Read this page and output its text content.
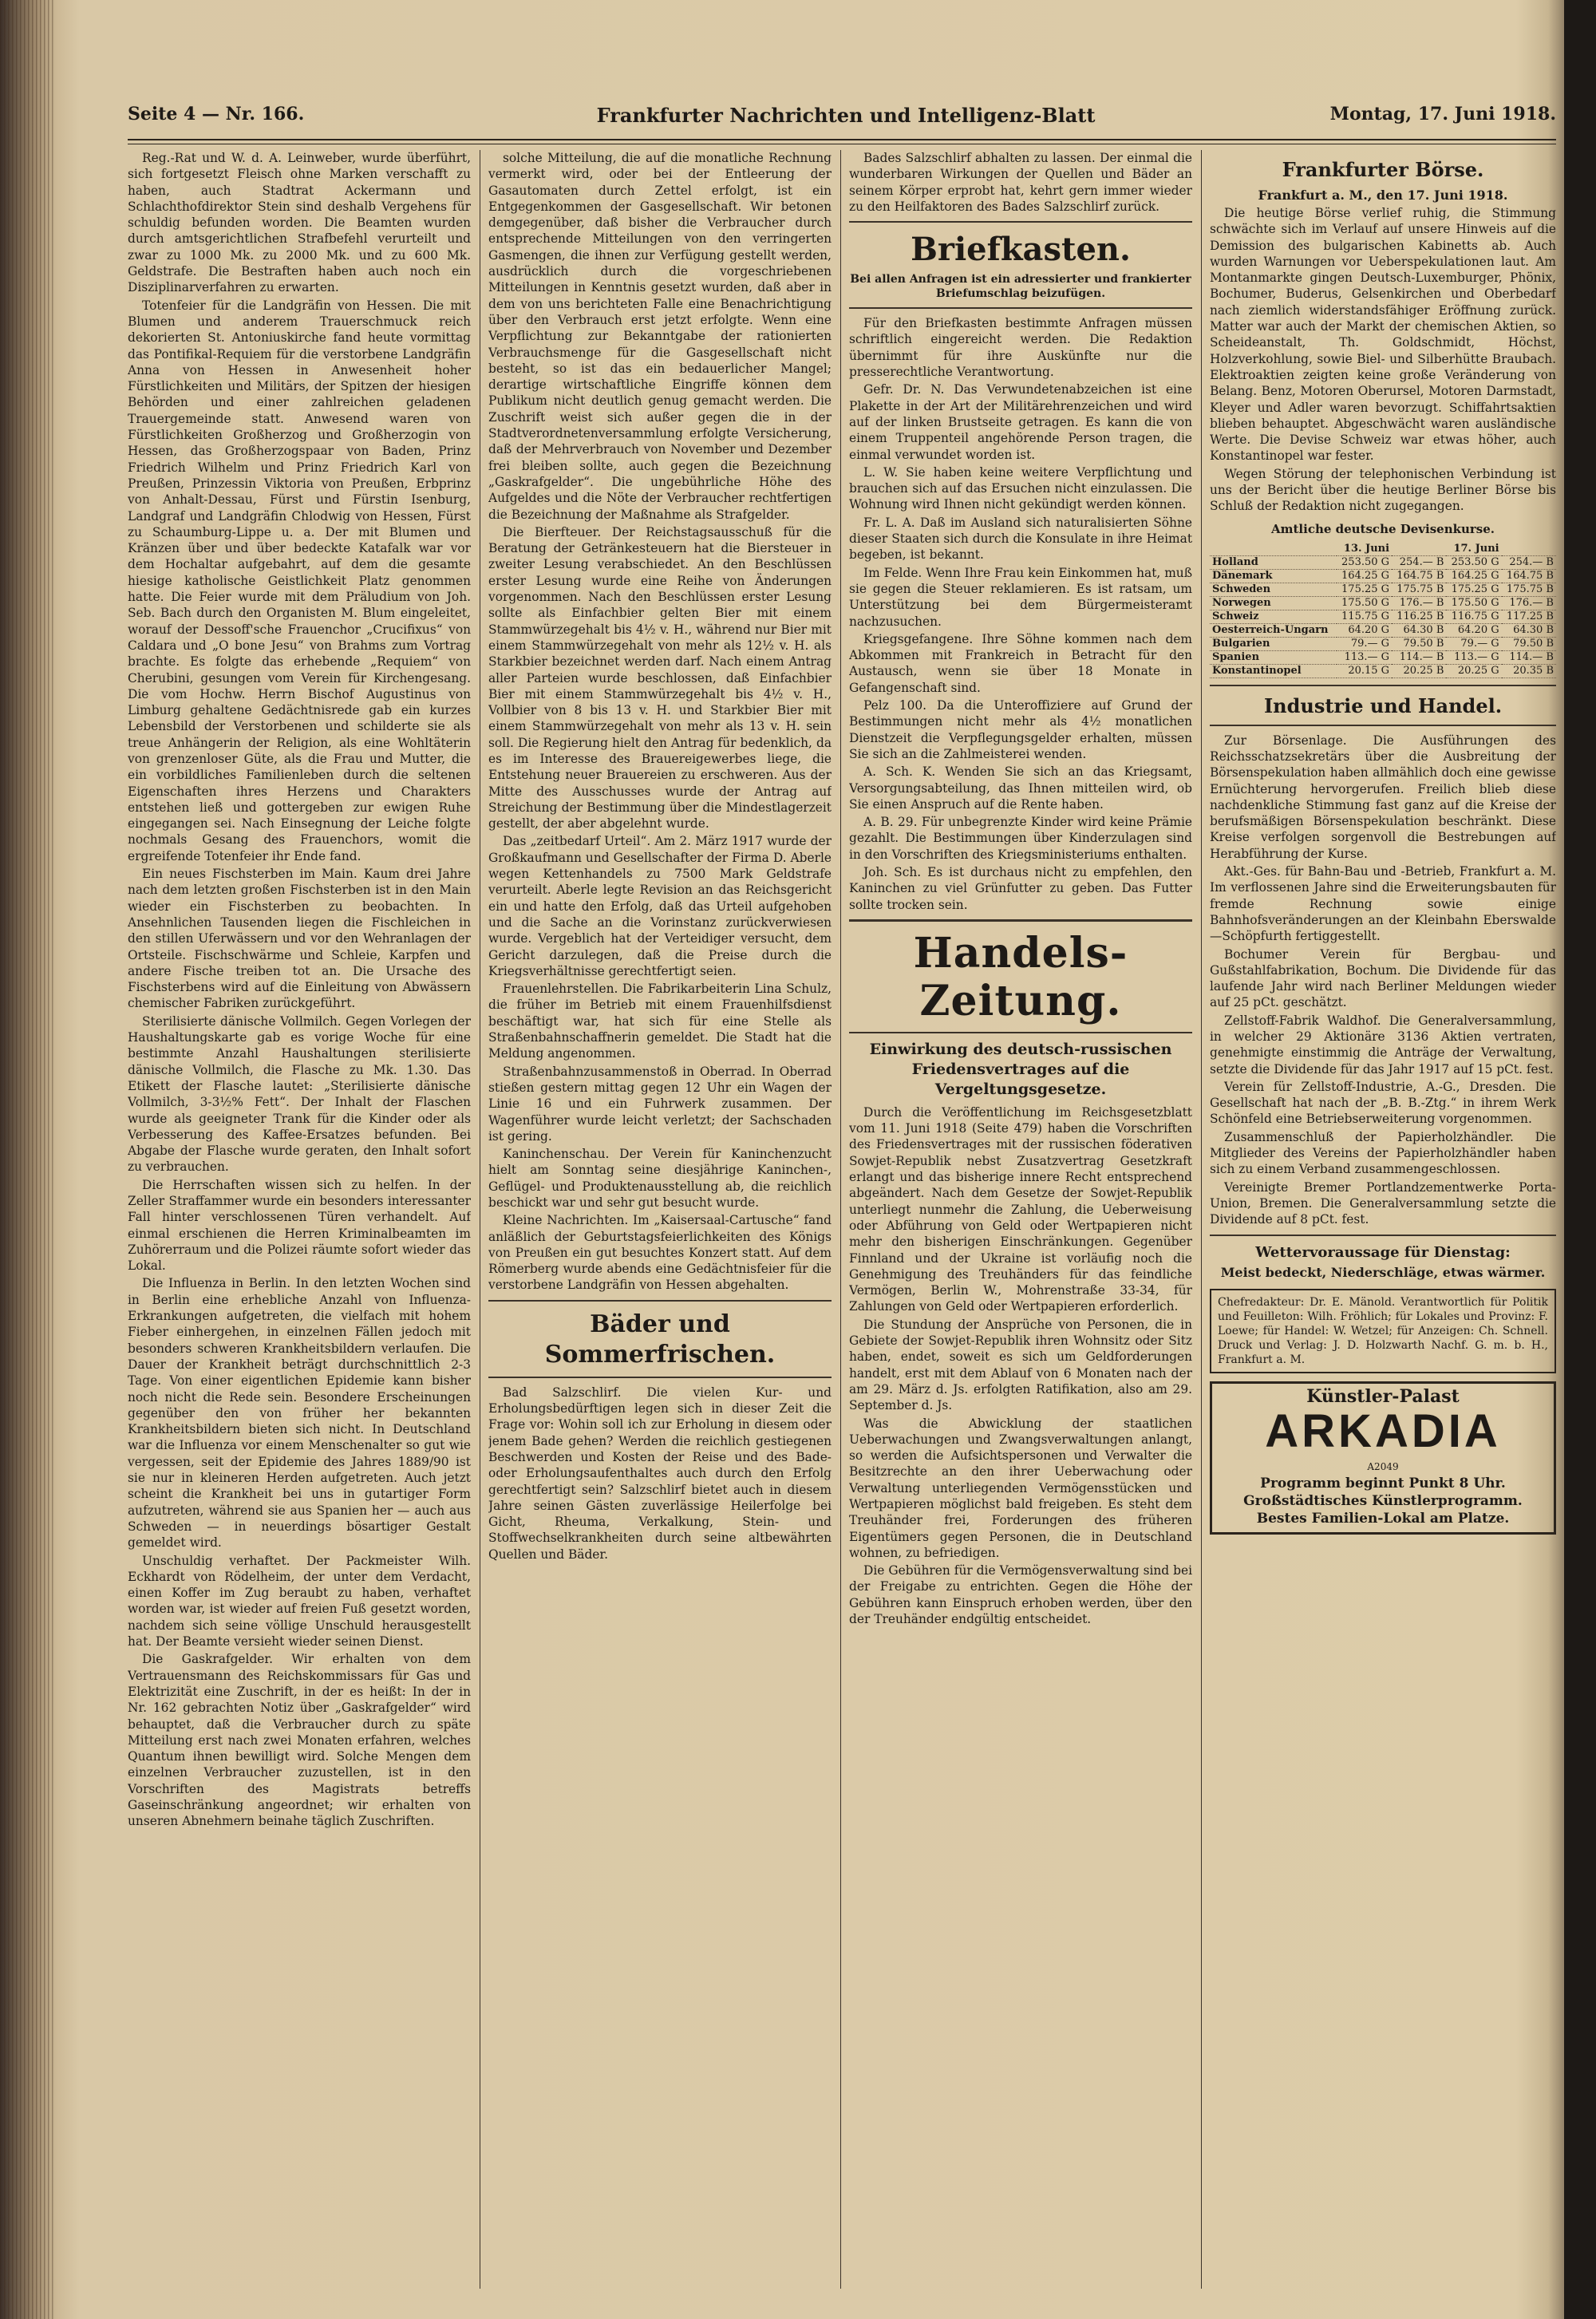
Seite 4 — Nr. 166.	Frankfurter Nachrichten und Intelligenz-Blatt	Montag, 17. Juni 1918.

Reg.-Rat und W. d. A. Leinweber, wurde überführt, sich fortgesetzt Fleisch ohne Marken verschafft zu haben, auch Stadtrat Ackermann und Schlachthofdirektor Stein sind deshalb Vergehens für schuldig befunden worden. Die Beamten wurden durch amtsgerichtlichen Strafbefehl verurteilt und zwar zu 1000 Mk. zu 2000 Mk. und zu 600 Mk. Geldstrafe. Die Bestraften haben auch noch ein Disziplinarverfahren zu erwarten.

Totenfeier für die Landgräfin von Hessen. Die mit Blumen und anderem Trauerschmuck reich dekorierten St. Antoniuskirche fand heute vormittag das Pontifikal-Requiem für die verstorbene Landgräfin Anna von Hessen in Anwesenheit hoher Fürstlichkeiten und Militärs, der Spitzen der hiesigen Behörden und einer zahlreichen geladenen Trauergemeinde statt. Anwesend waren von Fürstlichkeiten Großherzog und Großherzogin von Hessen, das Großherzogspaar von Baden, Prinz Friedrich Wilhelm und Prinz Friedrich Karl von Preußen, Prinzessin Viktoria von Preußen, Erbprinz von Anhalt-Dessau, Fürst und Fürstin Isenburg, Landgraf und Landgräfin Chlodwig von Hessen, Fürst zu Schaumburg-Lippe u. a. Der mit Blumen und Kränzen über und über bedeckte Katafalk war vor dem Hochaltar aufgebahrt, auf dem die gesamte hiesige katholische Geistlichkeit Platz genommen hatte. Die Feier wurde mit dem Präludium von Joh. Seb. Bach durch den Organisten M. Blum eingeleitet, worauf der Dessoff'sche Frauenchor „Crucifixus“ von Caldara und „O bone Jesu“ von Brahms zum Vortrag brachte. Es folgte das erhebende „Requiem“ von Cherubini, gesungen vom Verein für Kirchengesang. Die vom Hochw. Herrn Bischof Augustinus von Limburg gehaltene Gedächtnisrede gab ein kurzes Lebensbild der Verstorbenen und schilderte sie als treue Anhängerin der Religion, als eine Wohltäterin von grenzenloser Güte, als die Frau und Mutter, die ein vorbildliches Familienleben durch die seltenen Eigenschaften ihres Herzens und Charakters entstehen ließ und gottergeben zur ewigen Ruhe eingegangen sei. Nach Einsegnung der Leiche folgte nochmals Gesang des Frauenchors, womit die ergreifende Totenfeier ihr Ende fand.

Ein neues Fischsterben im Main. Kaum drei Jahre nach dem letzten großen Fischsterben ist in den Main wieder ein Fischsterben zu beobachten. In Ansehnlichen Tausenden liegen die Fischleichen in den stillen Uferwässern und vor den Wehranlagen der Ortsteile. Fischschwärme und Schleie, Karpfen und andere Fische treiben tot an. Die Ursache des Fischsterbens wird auf die Einleitung von Abwässern chemischer Fabriken zurückgeführt.

Sterilisierte dänische Vollmilch. Gegen Vorlegen der Haushaltungskarte gab es vorige Woche für eine bestimmte Anzahl Haushaltungen sterilisierte dänische Vollmilch, die Flasche zu Mk. 1.30. Das Etikett der Flasche lautet: „Sterilisierte dänische Vollmilch, 3-3½% Fett“. Der Inhalt der Flaschen wurde als geeigneter Trank für die Kinder oder als Verbesserung des Kaffee-Ersatzes befunden. Bei Abgabe der Flasche wurde geraten, den Inhalt sofort zu verbrauchen.

Die Herrschaften wissen sich zu helfen. In der Zeller Straffammer wurde ein besonders interessanter Fall hinter verschlossenen Türen verhandelt. Auf einmal erschienen die Herren Kriminalbeamten im Zuhörerraum und die Polizei räumte sofort wieder das Lokal.

Die Influenza in Berlin. In den letzten Wochen sind in Berlin eine erhebliche Anzahl von Influenza-Erkrankungen aufgetreten, die vielfach mit hohem Fieber einhergehen, in einzelnen Fällen jedoch mit besonders schweren Krankheitsbildern verlaufen. Die Dauer der Krankheit beträgt durchschnittlich 2-3 Tage. Von einer eigentlichen Epidemie kann bisher noch nicht die Rede sein. Besondere Erscheinungen gegenüber den von früher her bekannten Krankheitsbildern bieten sich nicht. In Deutschland war die Influenza vor einem Menschenalter so gut wie vergessen, seit der Epidemie des Jahres 1889/90 ist sie nur in kleineren Herden aufgetreten. Auch jetzt scheint die Krankheit bei uns in gutartiger Form aufzutreten, während sie aus Spanien her — auch aus Schweden — in neuerdings bösartiger Gestalt gemeldet wird.

Unschuldig verhaftet. Der Packmeister Wilh. Eckhardt von Rödelheim, der unter dem Verdacht, einen Koffer im Zug beraubt zu haben, verhaftet worden war, ist wieder auf freien Fuß gesetzt worden, nachdem sich seine völlige Unschuld herausgestellt hat. Der Beamte versieht wieder seinen Dienst.

Die Gaskrafgelder. Wir erhalten von dem Vertrauensmann des Reichskommissars für Gas und Elektrizität eine Zuschrift, in der es heißt: In der in Nr. 162 gebrachten Notiz über „Gaskrafgelder“ wird behauptet, daß die Verbraucher durch zu späte Mitteilung erst nach zwei Monaten erfahren, welches Quantum ihnen bewilligt wird. Solche Mengen dem einzelnen Verbraucher zuzustellen, ist in den Vorschriften des Magistrats betreffs Gaseinschränkung angeordnet; wir erhalten von unseren Abnehmern beinahe täglich Zuschriften.

solche Mitteilung, die auf die monatliche Rechnung vermerkt wird, oder bei der Entleerung der Gasautomaten durch Zettel erfolgt, ist ein Entgegenkommen der Gasgesellschaft. Wir betonen demgegenüber, daß bisher die Verbraucher durch entsprechende Mitteilungen von den verringerten Gasmengen, die ihnen zur Verfügung gestellt werden, ausdrücklich durch die vorgeschriebenen Mitteilungen in Kenntnis gesetzt wurden, daß aber in dem von uns berichteten Falle eine Benachrichtigung über den Verbrauch erst jetzt erfolgte. Wenn eine Verpflichtung zur Bekanntgabe der rationierten Verbrauchsmenge für die Gasgesellschaft nicht besteht, so ist das ein bedauerlicher Mangel; derartige wirtschaftliche Eingriffe können dem Publikum nicht deutlich genug gemacht werden. Die Zuschrift weist sich außer gegen die in der Stadtverordnetenversammlung erfolgte Versicherung, daß der Mehrverbrauch von November und Dezember frei bleiben sollte, auch gegen die Bezeichnung „Gaskrafgelder“. Die ungebührliche Höhe des Aufgeldes und die Nöte der Verbraucher rechtfertigen die Bezeichnung der Maßnahme als Strafgelder.

Die Bierfteuer. Der Reichstagsausschuß für die Beratung der Getränkesteuern hat die Biersteuer in zweiter Lesung verabschiedet. An den Beschlüssen erster Lesung wurde eine Reihe von Änderungen vorgenommen. Nach den Beschlüssen erster Lesung sollte als Einfachbier gelten Bier mit einem Stammwürzegehalt bis 4½ v. H., während nur Bier mit einem Stammwürzegehalt von mehr als 12½ v. H. als Starkbier bezeichnet werden darf. Nach einem Antrag aller Parteien wurde beschlossen, daß Einfachbier Bier mit einem Stammwürzegehalt bis 4½ v. H., Vollbier von 8 bis 13 v. H. und Starkbier Bier mit einem Stammwürzegehalt von mehr als 13 v. H. sein soll. Die Regierung hielt den Antrag für bedenklich, da es im Interesse des Brauereigewerbes liege, die Entstehung neuer Brauereien zu erschweren. Aus der Mitte des Ausschusses wurde der Antrag auf Streichung der Bestimmung über die Mindestlagerzeit gestellt, der aber abgelehnt wurde.

Das „zeitbedarf Urteil“. Am 2. März 1917 wurde der Großkaufmann und Gesellschafter der Firma D. Aberle wegen Kettenhandels zu 7500 Mark Geldstrafe verurteilt. Aberle legte Revision an das Reichsgericht ein und hatte den Erfolg, daß das Urteil aufgehoben und die Sache an die Vorinstanz zurückverwiesen wurde. Vergeblich hat der Verteidiger versucht, dem Gericht darzulegen, daß die Preise durch die Kriegsverhältnisse gerechtfertigt seien.

Frauenlehrstellen. Die Fabrikarbeiterin Lina Schulz, die früher im Betrieb mit einem Frauenhilfsdienst beschäftigt war, hat sich für eine Stelle als Straßenbahnschaffnerin gemeldet. Die Stadt hat die Meldung angenommen.

Straßenbahnzusammenstoß in Oberrad. In Oberrad stießen gestern mittag gegen 12 Uhr ein Wagen der Linie 16 und ein Fuhrwerk zusammen. Der Wagenführer wurde leicht verletzt; der Sachschaden ist gering.

Kaninchenschau. Der Verein für Kaninchenzucht hielt am Sonntag seine diesjährige Kaninchen-, Geflügel- und Produktenausstellung ab, die reichlich beschickt war und sehr gut besucht wurde.

Kleine Nachrichten. Im „Kaisersaal-Cartusche“ fand anläßlich der Geburtstagsfeierlichkeiten des Königs von Preußen ein gut besuchtes Konzert statt. Auf dem Römerberg wurde abends eine Gedächtnisfeier für die verstorbene Landgräfin von Hessen abgehalten.

Bäder und Sommerfrischen.

Bad Salzschlirf. Die vielen Kur- und Erholungsbedürftigen legen sich in dieser Zeit die Frage vor: Wohin soll ich zur Erholung in diesem oder jenem Bade gehen? Werden die reichlich gestiegenen Beschwerden und Kosten der Reise und des Bade- oder Erholungsaufenthaltes auch durch den Erfolg gerechtfertigt sein? Salzschlirf bietet auch in diesem Jahre seinen Gästen zuverlässige Heilerfolge bei Gicht, Rheuma, Verkalkung, Stein- und Stoffwechselkrankheiten durch seine altbewährten Quellen und Bäder.

Bades Salzschlirf abhalten zu lassen. Der einmal die wunderbaren Wirkungen der Quellen und Bäder an seinem Körper erprobt hat, kehrt gern immer wieder zu den Heilfaktoren des Bades Salzschlirf zurück.

Briefkasten.
Bei allen Anfragen ist ein adressierter und frankierter Briefumschlag beizufügen.

Für den Briefkasten bestimmte Anfragen müssen schriftlich eingereicht werden. Die Redaktion übernimmt für ihre Auskünfte nur die presserechtliche Verantwortung.

Gefr. Dr. N. Das Verwundetenabzeichen ist eine Plakette in der Art der Militärehrenzeichen und wird auf der linken Brustseite getragen. Es kann die von einem Truppenteil angehörende Person tragen, die einmal verwundet worden ist.

L. W. Sie haben keine weitere Verpflichtung und brauchen sich auf das Ersuchen nicht einzulassen. Die Wohnung wird Ihnen nicht gekündigt werden können.

Fr. L. A. Daß im Ausland sich naturalisierten Söhne dieser Staaten sich durch die Konsulate in ihre Heimat begeben, ist bekannt.

Im Felde. Wenn Ihre Frau kein Einkommen hat, muß sie gegen die Steuer reklamieren. Es ist ratsam, um Unterstützung bei dem Bürgermeisteramt nachzusuchen.

Kriegsgefangene. Ihre Söhne kommen nach dem Abkommen mit Frankreich in Betracht für den Austausch, wenn sie über 18 Monate in Gefangenschaft sind.

Pelz 100. Da die Unteroffiziere auf Grund der Bestimmungen nicht mehr als 4½ monatlichen Dienstzeit die Verpflegungsgelder erhalten, müssen Sie sich an die Zahlmeisterei wenden.

A. Sch. K. Wenden Sie sich an das Kriegsamt, Versorgungsabteilung, das Ihnen mitteilen wird, ob Sie einen Anspruch auf die Rente haben.

A. B. 29. Für unbegrenzte Kinder wird keine Prämie gezahlt. Die Bestimmungen über Kinderzulagen sind in den Vorschriften des Kriegsministeriums enthalten.

Joh. Sch. Es ist durchaus nicht zu empfehlen, den Kaninchen zu viel Grünfutter zu geben. Das Futter sollte trocken sein.

Handels-Zeitung.
Einwirkung des deutsch-russischen Friedensvertrages auf die Vergeltungsgesetze.

Durch die Veröffentlichung im Reichsgesetzblatt vom 11. Juni 1918 (Seite 479) haben die Vorschriften des Friedensvertrages mit der russischen föderativen Sowjet-Republik nebst Zusatzvertrag Gesetzkraft erlangt und das bisherige innere Recht entsprechend abgeändert. Nach dem Gesetze der Sowjet-Republik unterliegt nunmehr die Zahlung, die Ueberweisung oder Abführung von Geld oder Wertpapieren nicht mehr den bisherigen Einschränkungen. Gegenüber Finnland und der Ukraine ist vorläufig noch die Genehmigung des Treuhänders für das feindliche Vermögen, Berlin W., Mohrenstraße 33-34, für Zahlungen von Geld oder Wertpapieren erforderlich.

Die Stundung der Ansprüche von Personen, die in Gebiete der Sowjet-Republik ihren Wohnsitz oder Sitz haben, endet, soweit es sich um Geldforderungen handelt, erst mit dem Ablauf von 6 Monaten nach der am 29. März d. Js. erfolgten Ratifikation, also am 29. September d. Js.

Was die Abwicklung der staatlichen Ueberwachungen und Zwangsverwaltungen anlangt, so werden die Aufsichtspersonen und Verwalter die Besitzrechte an den ihrer Ueberwachung oder Verwaltung unterliegenden Vermögensstücken und Wertpapieren möglichst bald freigeben. Es steht dem Treuhänder frei, Forderungen des früheren Eigentümers gegen Personen, die in Deutschland wohnen, zu befriedigen.

Die Gebühren für die Vermögensverwaltung sind bei der Freigabe zu entrichten. Gegen die Höhe der Gebühren kann Einspruch erhoben werden, über den der Treuhänder endgültig entscheidet.

Frankfurter Börse.
Frankfurt a. M., den 17. Juni 1918.

Die heutige Börse verlief ruhig, die Stimmung schwächte sich im Verlauf auf unsere Hinweis auf die Demission des bulgarischen Kabinetts ab. Auch wurden Warnungen vor Ueberspekulationen laut. Am Montanmarkte gingen Deutsch-Luxemburger, Phönix, Bochumer, Buderus, Gelsenkirchen und Oberbedarf nach ziemlich widerstandsfähiger Eröffnung zurück. Matter war auch der Markt der chemischen Aktien, so Scheideanstalt, Th. Goldschmidt, Höchst, Holzverkohlung, sowie Biel- und Silberhütte Braubach. Elektroaktien zeigten keine große Veränderung von Belang. Benz, Motoren Oberursel, Motoren Darmstadt, Kleyer und Adler waren bevorzugt. Schiffahrtsaktien blieben behauptet. Abgeschwächt waren ausländische Werte. Die Devise Schweiz war etwas höher, auch Konstantinopel war fester.

Wegen Störung der telephonischen Verbindung ist uns der Bericht über die heutige Berliner Börse bis Schluß der Redaktion nicht zugegangen.

Amtliche deutsche Devisenkurse.
	13. Juni		17. Juni	
Holland	253.50 G	254.— B	253.50 G	254.— B
Dänemark	164.25 G	164.75 B	164.25 G	164.75 B
Schweden	175.25 G	175.75 B	175.25 G	175.75 B
Norwegen	175.50 G	176.— B	175.50 G	176.— B
Schweiz	115.75 G	116.25 B	116.75 G	117.25 B
Oesterreich-Ungarn	64.20 G	64.30 B	64.20 G	64.30 B
Bulgarien	79.— G	79.50 B	79.— G	79.50 B
Spanien	113.— G	114.— B	113.— G	114.— B
Konstantinopel	20.15 G	20.25 B	20.25 G	20.35 B
Industrie und Handel.

Zur Börsenlage. Die Ausführungen des Reichsschatzsekretärs über die Ausbreitung der Börsenspekulation haben allmählich doch eine gewisse Ernüchterung hervorgerufen. Freilich blieb diese nachdenkliche Stimmung fast ganz auf die Kreise der berufsmäßigen Börsenspekulation beschränkt. Diese Kreise verfolgen sorgenvoll die Bestrebungen auf Herabführung der Kurse.

Akt.-Ges. für Bahn-Bau und -Betrieb, Frankfurt a. M. Im verflossenen Jahre sind die Erweiterungsbauten für fremde Rechnung sowie einige Bahnhofsveränderungen an der Kleinbahn Eberswalde—Schöpfurth fertiggestellt.

Bochumer Verein für Bergbau- und Gußstahlfabrikation, Bochum. Die Dividende für das laufende Jahr wird nach Berliner Meldungen wieder auf 25 pCt. geschätzt.

Zellstoff-Fabrik Waldhof. Die Generalversammlung, in welcher 29 Aktionäre 3136 Aktien vertraten, genehmigte einstimmig die Anträge der Verwaltung, setzte die Dividende für das Jahr 1917 auf 15 pCt. fest.

Verein für Zellstoff-Industrie, A.-G., Dresden. Die Gesellschaft hat nach der „B. B.-Ztg.“ in ihrem Werk Schönfeld eine Betriebserweiterung vorgenommen.

Zusammenschluß der Papierholzhändler. Die Mitglieder des Vereins der Papierholzhändler haben sich zu einem Verband zusammengeschlossen.

Vereinigte Bremer Portlandzementwerke Porta-Union, Bremen. Die Generalversammlung setzte die Dividende auf 8 pCt. fest.

Wettervoraussage für Dienstag:
Meist bedeckt, Niederschläge, etwas wärmer.
Chefredakteur: Dr. E. Mänold. Verantwortlich für Politik und Feuilleton: Wilh. Fröhlich; für Lokales und Provinz: F. Loewe; für Handel: W. Wetzel; für Anzeigen: Ch. Schnell. Druck und Verlag: J. D. Holzwarth Nachf. G. m. b. H., Frankfurt a. M.
Künstler-Palast
ARKADIA
A2049
Programm beginnt Punkt 8 Uhr.
Großstädtisches Künstlerprogramm.
Bestes Familien-Lokal am Platze.
